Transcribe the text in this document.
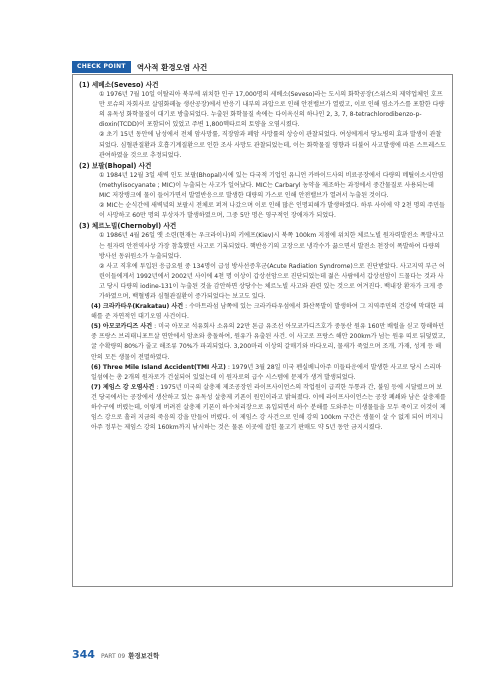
CHECK POINT	역사적 환경오염 사건
(1) 세베소(Seveso) 사건
① 1976년 7월 10일 이탈리아 북부에 위치한 인구 17,000명의 세베소(Seveso)라는 도시의 화학공장(스위스의 제약업체인 호프만 로슈의 자회사로 살염화페놀 생산공장)에서 반응기 내부의 과압으로 인해 안전밸브가 열렸고, 이로 인해 염소가스를 포함한 다량의 유독성 화학물질이 대기로 방출되었다. 누출된 화학물질 속에는 다이옥신의 하나인 2, 3, 7, 8-tetrachlorodibenzo-p-dioxin(TCDD)이 포함되어 있었고 주변 1,800헥타르의 토양을 오염시켰다.
② 초기 15년 동안에 남성에서 전체 암사망률, 직장암과 폐암 사망률의 상승이 관찰되었다. 여성에게서 당뇨병의 효과 발생이 관찰되었다. 심혈관질환과 호흡기계질환으로 인한 조사 사망도 관찰되었는데, 이는 화학물질 영향과 더불어 사고발생에 따른 스트레스도 관여하였을 것으로 추정되었다.
(2) 보팔(Bhopal) 사건
① 1984년 12월 3일 새벽 인도 보팔(Bhopal)시에 있는 다국적 기업인 유니언 카바이드사의 비료공장에서 다량의 메틸이소시안염(methylisocyanate ; MIC)이 누출되는 사고가 일어났다. MIC는 Carbaryl 농약을 제조하는 과정에서 중간물질로 사용되는데 MIC 저장탱크에 물이 들어가면서 발열반응으로 발생한 대량의 가스로 인해 안전밸브가 열려서 누출된 것이다.
② MIC는 순식간에 새벽녘의 보팔시 전체로 퍼져 나갔으며 이로 인해 많은 인명피해가 발생하였다. 하루 사이에 약 2천 명의 주민들이 사망하고 60만 명의 부상자가 발생하였으며, 그중 5만 명은 영구적인 장애자가 되었다.
(3) 체르노빌(Chernobyl) 사건
① 1986년 4월 26일 옛 소련(현재는 우크라이나)의 키에프(Kiev)시 북쪽 100km 지점에 위치한 체르노빌 원자력발전소 폭발사고는 원자력 안전역사상 가장 참혹했던 사고로 기록되었다. 핵반응기의 고장으로 냉각수가 끓으면서 발전소 천장이 폭발하여 다량의 방사선 동위원소가 누출되었다.
② 사고 직후에 투입된 응급요원 중 134명이 급성 방사선증후군(Acute Radiation Syndrome)으로 진단받았다. 사고지역 부근 어린이들에게서 1992년에서 2002년 사이에 4천 명 이상이 갑상선암으로 진단되었는데 젊은 사람에서 갑상선암이 드물다는 것과 사고 당시 다량의 iodine-131이 누출된 것을 감안하면 상당수는 체르노빌 사고와 관련 있는 것으로 여겨진다. 백내장 환자가 크게 증가하였으며, 백혈병과 심혈관질환이 증가되었다는 보고도 있다.
(4) 크라카타우(Krakatau) 사건 : 수마트라섬 남쪽에 있는 크라카타우섬에서 화산폭발이 발생하여 그 지역주민의 건강에 막대한 피해를 준 자연적인 대기오염 사건이다.
(5) 아모코카디즈 사건 : 미국 아모코 석유회사 소유의 22만 톤급 유조선 아모코카디즈호가 중동산 원유 160만 배럴을 싣고 항해하던 중 프랑스 브리태니포트살 연안에서 암초와 충돌하여, 원유가 유출된 사건. 이 사고로 프랑스 해안 200km가 넘는 원유 띠로 뒤덮였고, 굴 수확량의 80%가 줄고 해조류 70%가 파괴되었다. 3,200마리 이상의 갈매기와 바다오리, 물새가 죽었으며 조개, 가재, 성게 등 해안의 모든 생물이 전멸하였다.
(6) Three Mile Island Accident(TMI 사고) : 1979년 3월 28일 미국 펜실베니아주 미들타운에서 발생한 사고로 당시 스리마일섬에는 총 2개의 원자로가 건설되어 있었는데 이 원자로의 급수 시스템에 문제가 생겨 발생되었다.
(7) 제임스 강 오염사건 : 1975년 미국의 살충제 제조공장인 라이프사이언스의 작업원이 급격한 두통과 간, 불임 등에 시달렸으며 보건 당국에서는 공장에서 생산하고 있는 유독성 살충제 키폰이 원인이라고 밝혀졌다. 이에 라이프사이언스는 공장 폐쇄와 남은 살충제를 하수구에 버렸는데, 이렇게 버려진 살충제 키폰이 하수처리장으로 유입되면서 하수 분해를 도와주는 미생물들을 모두 죽이고 이것이 제임스 강으로 흘러 지금의 죽음의 강을 만들어 버렸다. 이 제임스 강 사건으로 인해 강의 100km 구간은 생물이 살 수 없게 되어 버지니아주 정부는 제임스 강의 160km까지 낚시하는 것은 물론 이곳에 잡힌 물고기 판매도 약 5년 동안 금지시켰다.
344 PART 09 환경보건학
